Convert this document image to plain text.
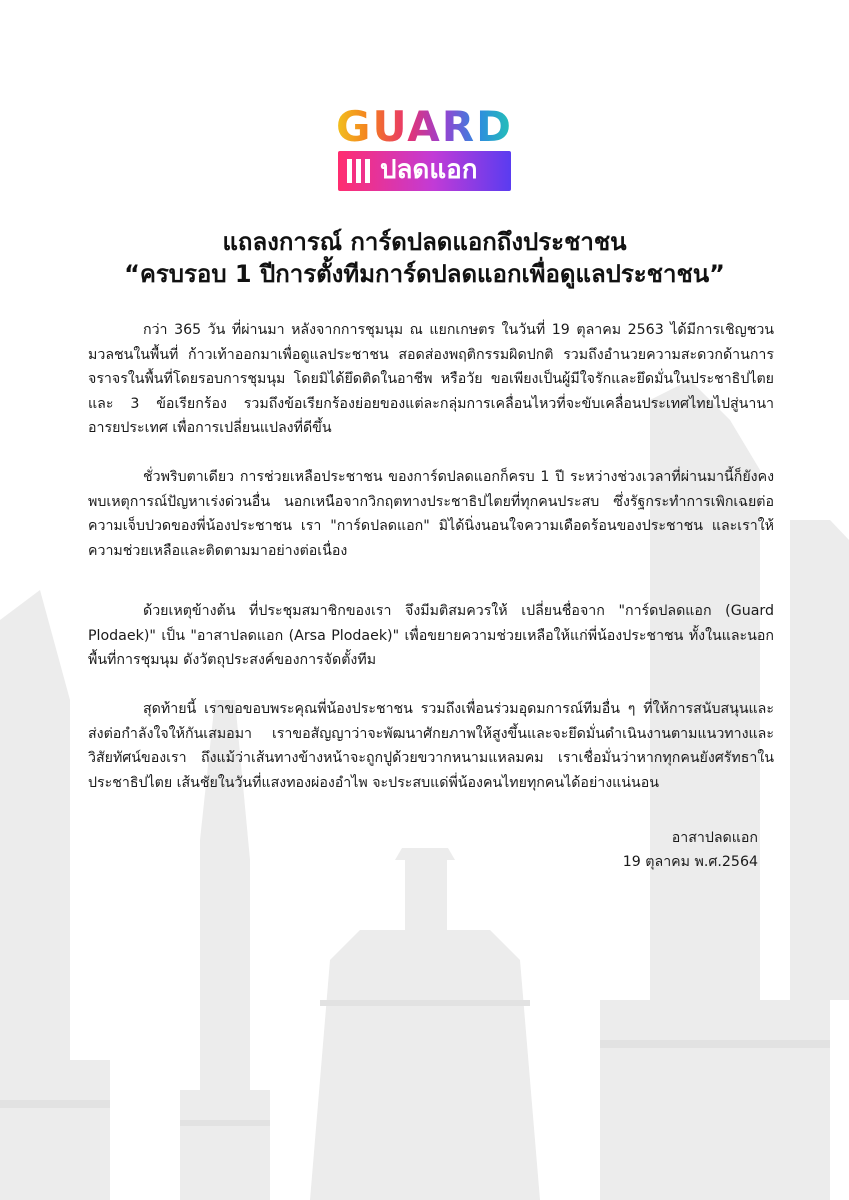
GUARD
ปลดแอก
แถลงการณ์ การ์ดปลดแอกถึงประชาชน
“ครบรอบ 1 ปีการตั้งทีมการ์ดปลดแอกเพื่อดูแลประชาชน”

กว่า 365 วัน ที่ผ่านมา หลังจากการชุมนุม ณ แยกเกษตร ในวันที่ 19 ตุลาคม 2563 ได้มีการเชิญชวนมวลชนในพื้นที่ ก้าวเท้าออกมาเพื่อดูแลประชาชน สอดส่องพฤติกรรมผิดปกติ รวมถึงอำนวยความสะดวกด้านการจราจรในพื้นที่โดยรอบการชุมนุม โดยมิได้ยึดติดในอาชีพ หรือวัย ขอเพียงเป็นผู้มีใจรักและยึดมั่นในประชาธิปไตย และ 3 ข้อเรียกร้อง รวมถึงข้อเรียกร้องย่อยของแต่ละกลุ่มการเคลื่อนไหวที่จะขับเคลื่อนประเทศไทยไปสู่นานาอารยประเทศ เพื่อการเปลี่ยนแปลงที่ดีขึ้น

ชั่วพริบตาเดียว การช่วยเหลือประชาชน ของการ์ดปลดแอกก็ครบ 1 ปี ระหว่างช่วงเวลาที่ผ่านมานี้ก็ยังคงพบเหตุการณ์ปัญหาเร่งด่วนอื่น นอกเหนือจากวิกฤตทางประชาธิปไตยที่ทุกคนประสบ ซึ่งรัฐกระทำการเพิกเฉยต่อความเจ็บปวดของพี่น้องประชาชน เรา "การ์ดปลดแอก" มิได้นิ่งนอนใจความเดือดร้อนของประชาชน และเราให้ความช่วยเหลือและติดตามมาอย่างต่อเนื่อง

ด้วยเหตุข้างต้น ที่ประชุมสมาชิกของเรา จึงมีมติสมควรให้ เปลี่ยนชื่อจาก "การ์ดปลดแอก (Guard Plodaek)" เป็น "อาสาปลดแอก (Arsa Plodaek)" เพื่อขยายความช่วยเหลือให้แก่พี่น้องประชาชน ทั้งในและนอกพื้นที่การชุมนุม ดังวัตถุประสงค์ของการจัดตั้งทีม

สุดท้ายนี้ เราขอขอบพระคุณพี่น้องประชาชน รวมถึงเพื่อนร่วมอุดมการณ์ทีมอื่น ๆ ที่ให้การสนับสนุนและส่งต่อกำลังใจให้กันเสมอมา เราขอสัญญาว่าจะพัฒนาศักยภาพให้สูงขึ้นและจะยึดมั่นดำเนินงานตามแนวทางและวิสัยทัศน์ของเรา ถึงแม้ว่าเส้นทางข้างหน้าจะถูกปูด้วยขวากหนามแหลมคม เราเชื่อมั่นว่าหากทุกคนยังศรัทธาในประชาธิปไตย เส้นชัยในวันที่แสงทองผ่องอำไพ จะประสบแด่พี่น้องคนไทยทุกคนได้อย่างแน่นอน

อาสาปลดแอก
19 ตุลาคม พ.ศ.2564
